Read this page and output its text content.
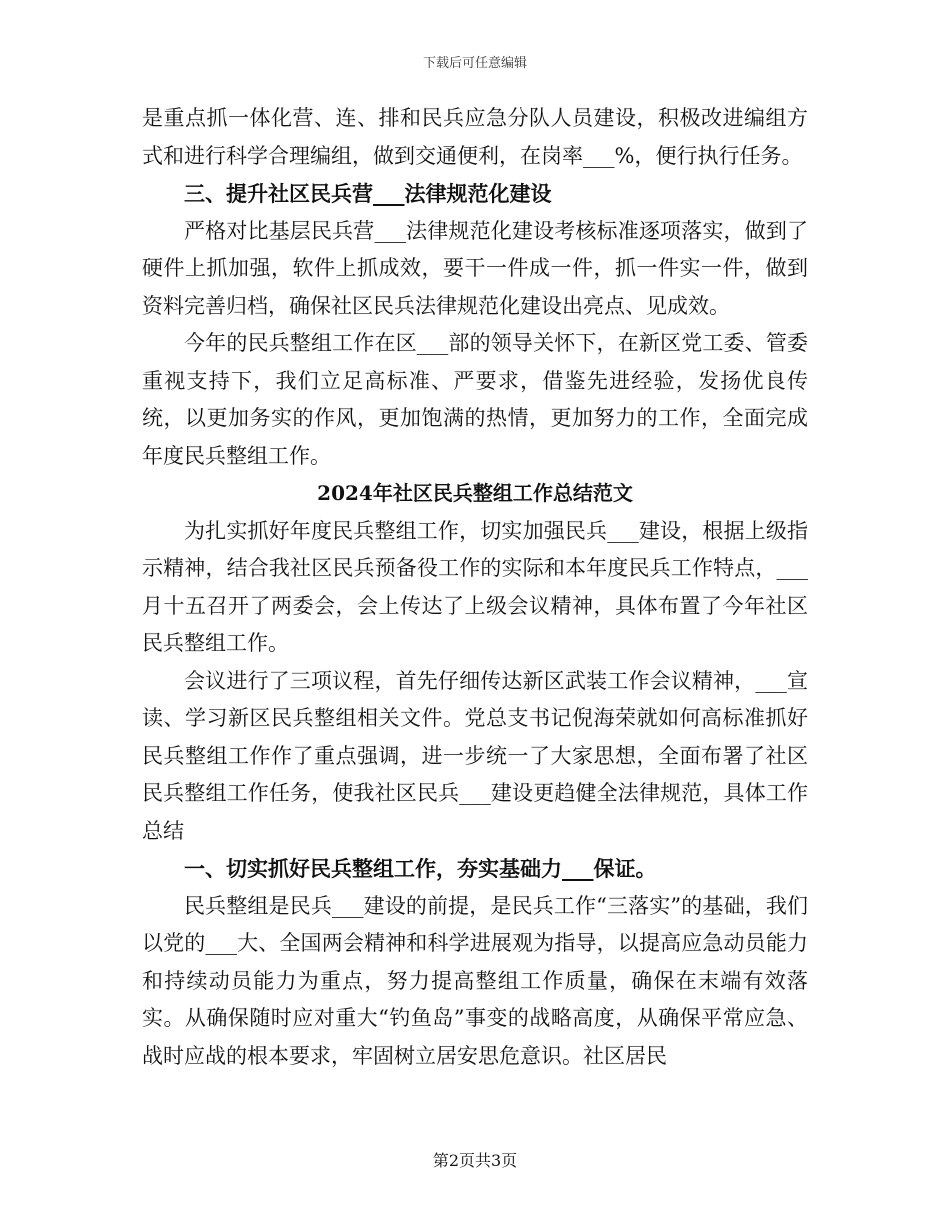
下载后可任意编辑

是重点抓一体化营、连、排和民兵应急分队人员建设，积极改进编组方式和进行科学合理编组，做到交通便利，在岗率___%，便行执行任务。

三、提升社区民兵营___法律规范化建设

严格对比基层民兵营___法律规范化建设考核标准逐项落实，做到了硬件上抓加强，软件上抓成效，要干一件成一件，抓一件实一件，做到资料完善归档，确保社区民兵法律规范化建设出亮点、见成效。

今年的民兵整组工作在区___部的领导关怀下，在新区党工委、管委重视支持下，我们立足高标准、严要求，借鉴先进经验，发扬优良传统，以更加务实的作风，更加饱满的热情，更加努力的工作，全面完成年度民兵整组工作。

2024年社区民兵整组工作总结范文

为扎实抓好年度民兵整组工作，切实加强民兵___建设，根据上级指示精神，结合我社区民兵预备役工作的实际和本年度民兵工作特点，___月十五召开了两委会，会上传达了上级会议精神，具体布置了今年社区民兵整组工作。

会议进行了三项议程，首先仔细传达新区武装工作会议精神，___宣读、学习新区民兵整组相关文件。党总支书记倪海荣就如何高标准抓好民兵整组工作作了重点强调，进一步统一了大家思想，全面布署了社区民兵整组工作任务，使我社区民兵___建设更趋健全法律规范，具体工作总结

一、切实抓好民兵整组工作，夯实基础力___保证。

民兵整组是民兵___建设的前提，是民兵工作“三落实”的基础，我们以党的___大、全国两会精神和科学进展观为指导，以提高应急动员能力和持续动员能力为重点，努力提高整组工作质量，确保在末端有效落实。从确保随时应对重大“钓鱼岛”事变的战略高度，从确保平常应急、战时应战的根本要求，牢固树立居安思危意识。社区居民

第2页共3页
